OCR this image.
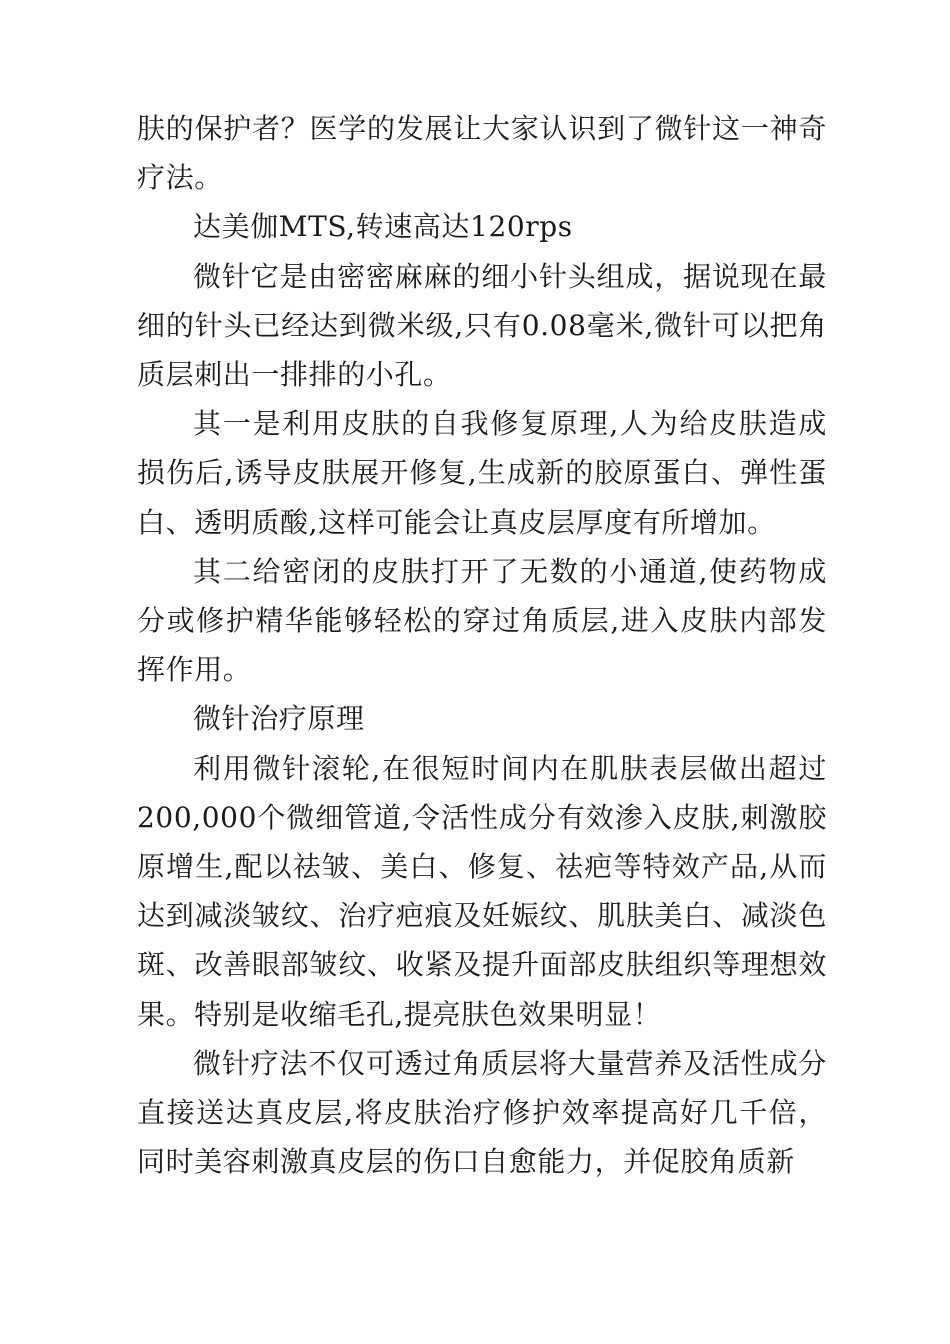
肤的保护者？医学的发展让大家认识到了微针这一神奇疗法。

达美伽MTS,转速高达120rps

微针它是由密密麻麻的细小针头组成，据说现在最细的针头已经达到微米级,只有0.08毫米,微针可以把角质层刺出一排排的小孔。

其一是利用皮肤的自我修复原理,人为给皮肤造成损伤后,诱导皮肤展开修复,生成新的胶原蛋白、弹性蛋白、透明质酸,这样可能会让真皮层厚度有所增加。

其二给密闭的皮肤打开了无数的小通道,使药物成分或修护精华能够轻松的穿过角质层,进入皮肤内部发挥作用。

微针治疗原理

利用微针滚轮,在很短时间内在肌肤表层做出超过200,000个微细管道,令活性成分有效渗入皮肤,刺激胶原增生,配以祛皱、美白、修复、祛疤等特效产品,从而达到减淡皱纹、治疗疤痕及妊娠纹、肌肤美白、减淡色斑、改善眼部皱纹、收紧及提升面部皮肤组织等理想效果。特别是收缩毛孔,提亮肤色效果明显！

微针疗法不仅可透过角质层将大量营养及活性成分直接送达真皮层,将皮肤治疗修护效率提高好几千倍，同时美容刺激真皮层的伤口自愈能力，并促胶角质新
